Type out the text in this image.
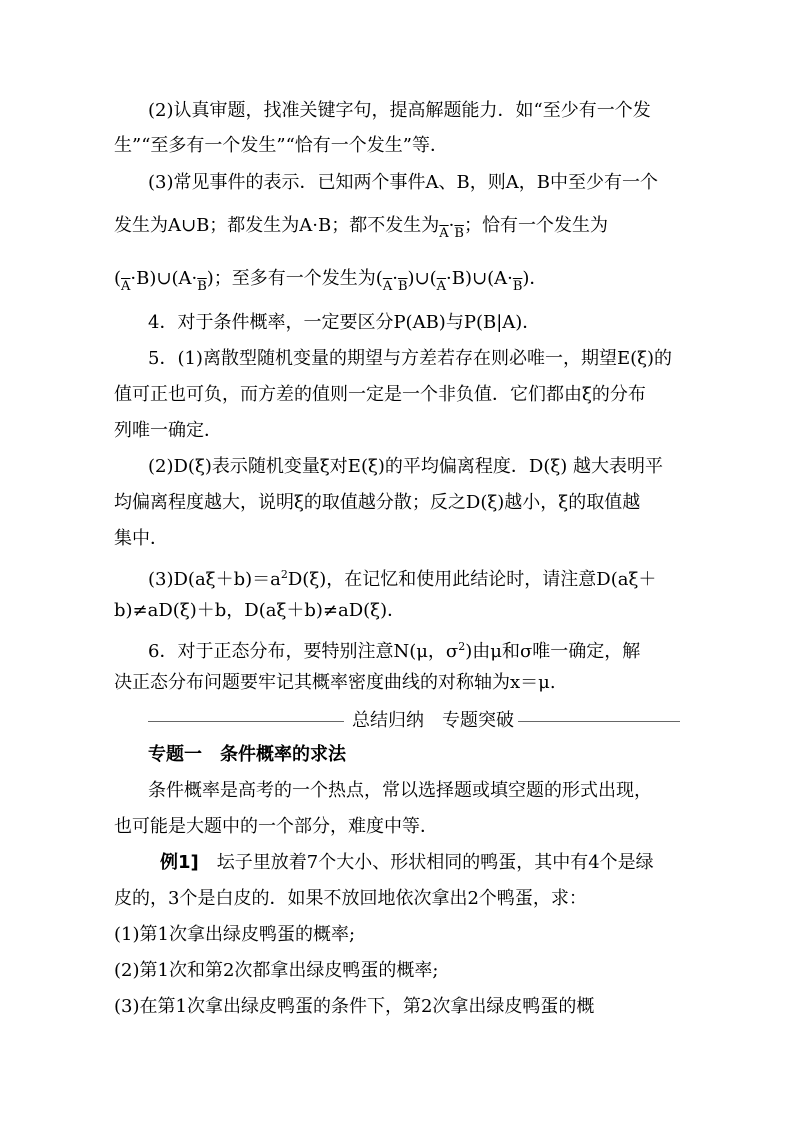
(2)认真审题，找准关键字句，提高解题能力．如“至少有一个发
生”“至多有一个发生”“恰有一个发生”等．
(3)常见事件的表示．已知两个事件A、B，则A，B中至少有一个
发生为A∪B；都发生为A·B；都不发生为$_{\overline{A}}\cdot_{\overline{B}}$；恰有一个发生为
$(_{\overline{A}}\cdot B)\cup(A\cdot_{\overline{B}})$；至多有一个发生为$(_{\overline{A}}\cdot_{\overline{B}})\cup(_{\overline{A}}\cdot B)\cup(A\cdot_{\overline{B}})$．
4．对于条件概率，一定要区分P(AB)与P(B|A)．
5．(1)离散型随机变量的期望与方差若存在则必唯一，期望E(ξ)的
值可正也可负，而方差的值则一定是一个非负值．它们都由ξ的分布
列唯一确定．
(2)D(ξ)表示随机变量ξ对E(ξ)的平均偏离程度．D(ξ) 越大表明平
均偏离程度越大，说明ξ的取值越分散；反之D(ξ)越小，ξ的取值越
集中．
$(3)D(a\xi+b)=a^2D(\xi)$，在记忆和使用此结论时，请注意D(aξ＋
b)≠aD(ξ)＋b，D(aξ＋b)≠aD(ξ)．
6．对于正态分布，要特别注意N(μ，$\sigma^2$)由μ和σ唯一确定，解
决正态分布问题要牢记其概率密度曲线的对称轴为x＝μ.
总结归纳　专题突破
专题一　条件概率的求法
条件概率是高考的一个热点，常以选择题或填空题的形式出现，
也可能是大题中的一个部分，难度中等．
例1]　坛子里放着7个大小、形状相同的鸭蛋，其中有4个是绿
皮的，3个是白皮的．如果不放回地依次拿出2个鸭蛋，求：
(1)第1次拿出绿皮鸭蛋的概率;
(2)第1次和第2次都拿出绿皮鸭蛋的概率;
(3)在第1次拿出绿皮鸭蛋的条件下，第2次拿出绿皮鸭蛋的概
